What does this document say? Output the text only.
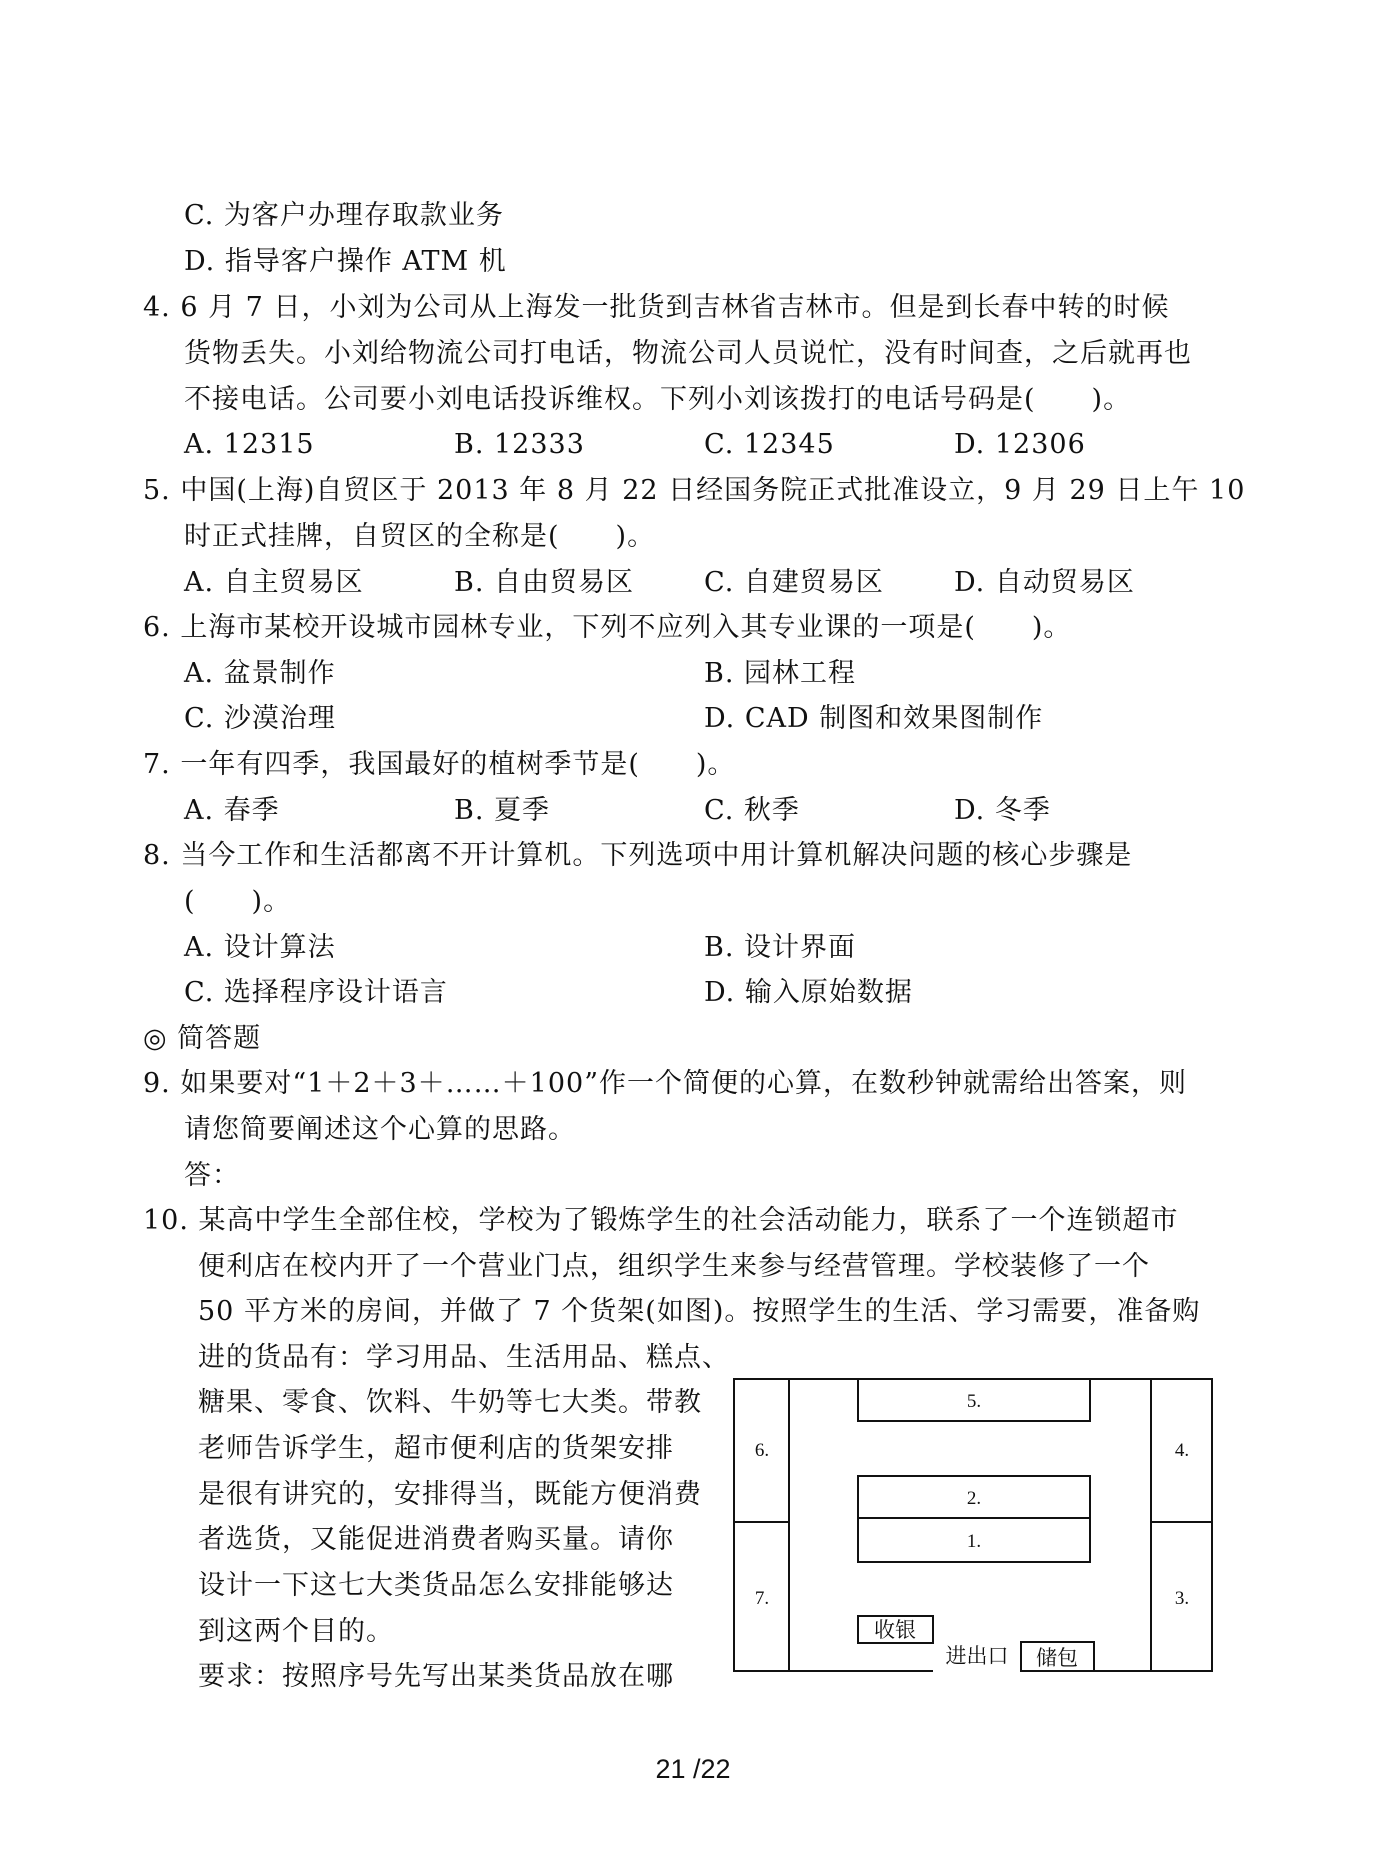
C. 为客户办理存取款业务
D. 指导客户操作 ATM 机
4. 6 月 7 日，小刘为公司从上海发一批货到吉林省吉林市。但是到长春中转的时候
货物丢失。小刘给物流公司打电话，物流公司人员说忙，没有时间查，之后就再也
不接电话。公司要小刘电话投诉维权。下列小刘该拨打的电话号码是(　　)。
A. 12315	B. 12333	C. 12345	D. 12306
5. 中国(上海)自贸区于 2013 年 8 月 22 日经国务院正式批准设立，9 月 29 日上午 10
时正式挂牌，自贸区的全称是(　　)。
A. 自主贸易区	B. 自由贸易区	C. 自建贸易区	D. 自动贸易区
6. 上海市某校开设城市园林专业，下列不应列入其专业课的一项是(　　)。
A. 盆景制作	B. 园林工程
C. 沙漠治理	D. CAD 制图和效果图制作
7. 一年有四季，我国最好的植树季节是(　　)。
A. 春季	B. 夏季	C. 秋季	D. 冬季
8. 当今工作和生活都离不开计算机。下列选项中用计算机解决问题的核心步骤是
(　　)。
A. 设计算法	B. 设计界面
C. 选择程序设计语言	D. 输入原始数据
◎ 简答题
9. 如果要对“1＋2＋3＋……＋100”作一个简便的心算，在数秒钟就需给出答案，则
请您简要阐述这个心算的思路。
答：
10. 某高中学生全部住校，学校为了锻炼学生的社会活动能力，联系了一个连锁超市
便利店在校内开了一个营业门点，组织学生来参与经营管理。学校装修了一个
50 平方米的房间，并做了 7 个货架(如图)。按照学生的生活、学习需要，准备购
进的货品有：学习用品、生活用品、糕点、
糖果、零食、饮料、牛奶等七大类。带教
老师告诉学生，超市便利店的货架安排
是很有讲究的，安排得当，既能方便消费
者选货，又能促进消费者购买量。请你
设计一下这七大类货品怎么安排能够达
到这两个目的。
要求：按照序号先写出某类货品放在哪
5.
6.	4.
2.
1.
7.	3.
收银
进出口 储包
21 /22
